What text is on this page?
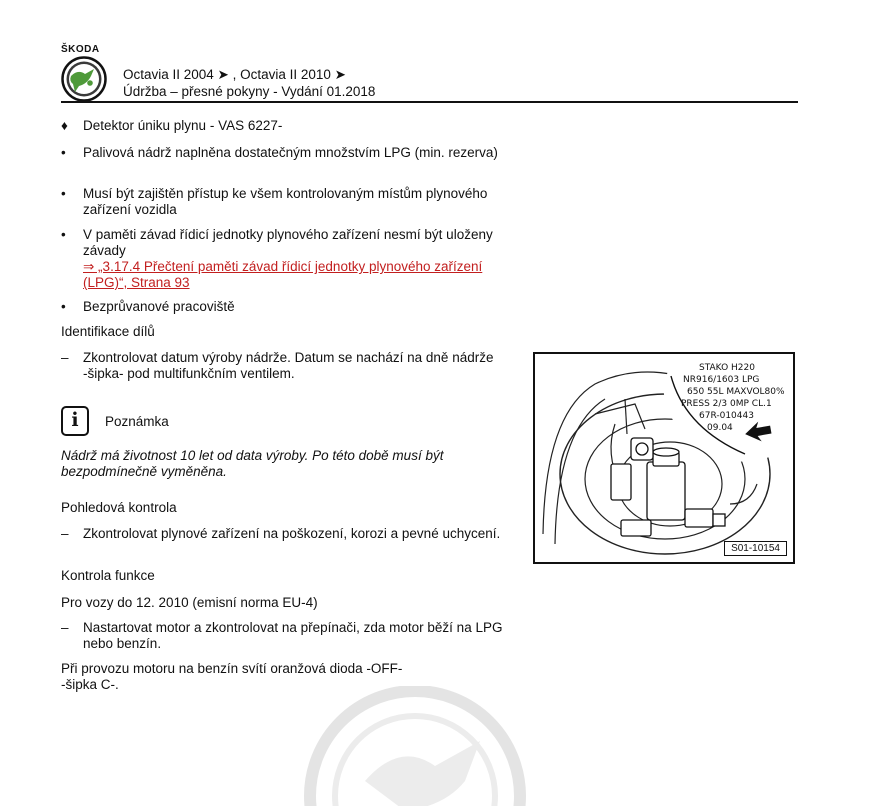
ŠKODA
Octavia II 2004 ➤ , Octavia II 2010 ➤
Údržba – přesné pokyny - Vydání 01.2018
♦	Detektor úniku plynu - VAS 6227-
•	Palivová nádrž naplněna dostatečným množstvím LPG (min. rezerva)
•	Musí být zajištěn přístup ke všem kontrolovaným místům plynového zařízení vozidla
•	V paměti závad řídicí jednotky plynového zařízení nesmí být uloženy závady
⇒ „3.17.4 Přečtení paměti závad řídicí jednotky plynového zařízení (LPG)“, Strana 93
•	Bezprůvanové pracoviště
Identifikace dílů
–	Zkontrolovat datum výroby nádrže. Datum se nachází na dně nádrže -šipka- pod multifunkčním ventilem.
i	Poznámka
Nádrž má životnost 10 let od data výroby. Po této době musí být bezpodmínečně vyměněna.
Pohledová kontrola
–	Zkontrolovat plynové zařízení na poškození, korozi a pevné uchycení.
Kontrola funkce
Pro vozy do 12. 2010 (emisní norma EU-4)
–	Nastartovat motor a zkontrolovat na přepínači, zda motor běží na LPG nebo benzín.
Při provozu motoru na benzín svítí oranžová dioda -OFF-
-šipka C-.
STAKO H220
NR916/1603 LPG
650 55L MAXVOL80%
PRESS 2/3 0MP CL.1
67R-010443
09.04
S01-10154
